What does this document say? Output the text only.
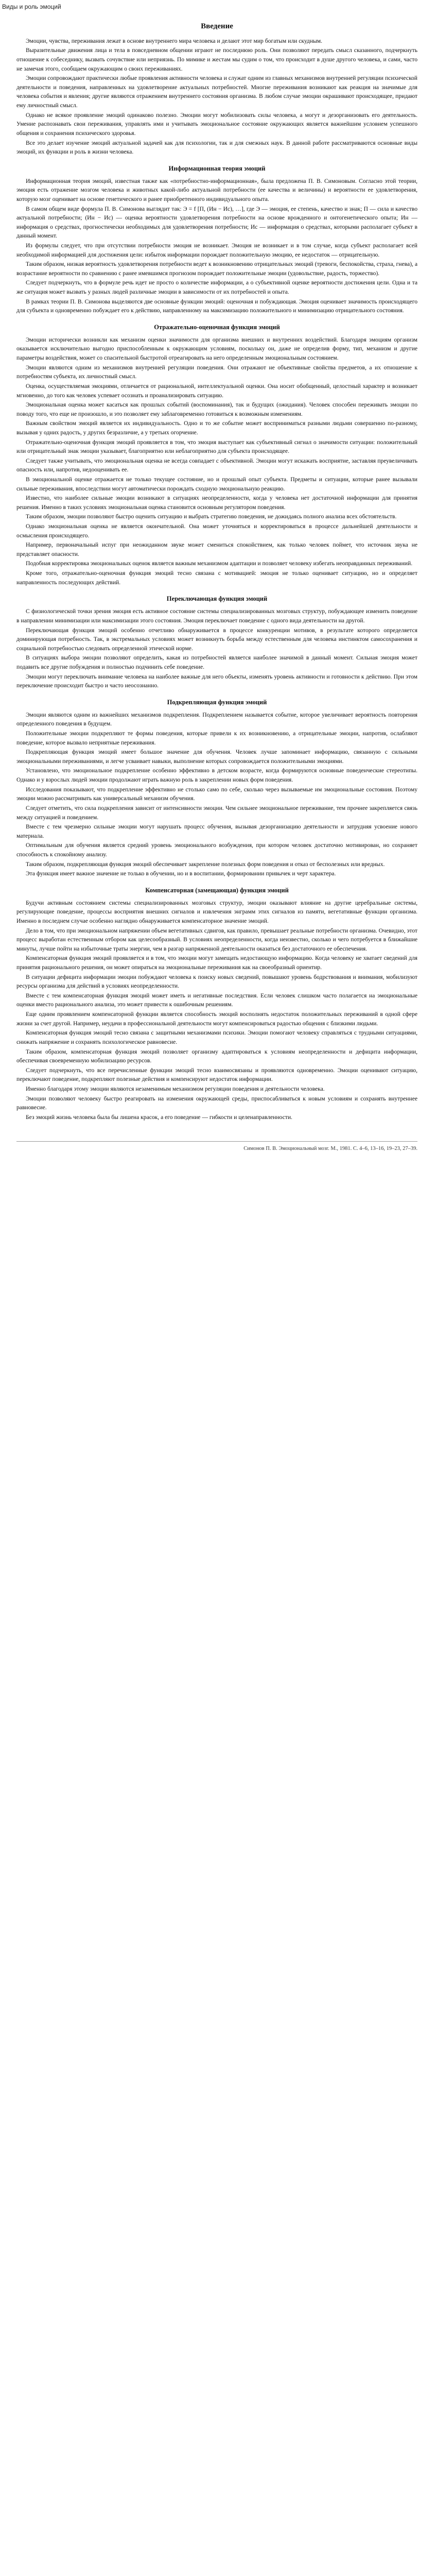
Виды и роль эмоций
Введение

Эмоции, чувства, переживания лежат в основе внутреннего мира человека и делают этот мир богатым или скудным.

Выразительные движения лица и тела в повседневном общении играют не последнюю роль. Они позволяют передать смысл сказанного, подчеркнуть отношение к собеседнику, вызвать сочувствие или неприязнь. По мимике и жестам мы судим о том, что происходит в душе другого человека, и сами, часто не замечая этого, сообщаем окружающим о своих переживаниях.

Эмоции сопровождают практически любые проявления активности человека и служат одним из главных механизмов внутренней регуляции психической деятельности и поведения, направленных на удовлетворение актуальных потребностей. Многие переживания возникают как реакция на значимые для человека события и явления; другие являются отражением внутреннего состояния организма. В любом случае эмоции окрашивают происходящее, придают ему личностный смысл.

Однако не всякое проявление эмоций одинаково полезно. Эмоции могут мобилизовать силы человека, а могут и дезорганизовать его деятельность. Умение распознавать свои переживания, управлять ими и учитывать эмоциональное состояние окружающих является важнейшим условием успешного общения и сохранения психического здоровья.

Все это делает изучение эмоций актуальной задачей как для психологии, так и для смежных наук. В данной работе рассматриваются основные виды эмоций, их функции и роль в жизни человека.

Информационная теория эмоций

Информационная теория эмоций, известная также как «потребностно-информационная», была предложена П. В. Симоновым. Согласно этой теории, эмоция есть отражение мозгом человека и животных какой-либо актуальной потребности (ее качества и величины) и вероятности ее удовлетворения, которую мозг оценивает на основе генетического и ранее приобретенного индивидуального опыта.

В самом общем виде формула П. В. Симонова выглядит так: Э = f [П, (Ин − Ис), …], где Э — эмоция, ее степень, качество и знак; П — сила и качество актуальной потребности; (Ин − Ис) — оценка вероятности удовлетворения потребности на основе врожденного и онтогенетического опыта; Ин — информация о средствах, прогностически необходимых для удовлетворения потребности; Ис — информация о средствах, которыми располагает субъект в данный момент.

Из формулы следует, что при отсутствии потребности эмоция не возникает. Эмоция не возникает и в том случае, когда субъект располагает всей необходимой информацией для достижения цели: избыток информации порождает положительную эмоцию, ее недостаток — отрицательную.

Таким образом, низкая вероятность удовлетворения потребности ведет к возникновению отрицательных эмоций (тревоги, беспокойства, страха, гнева), а возрастание вероятности по сравнению с ранее имевшимся прогнозом порождает положительные эмоции (удовольствие, радость, торжество).

Следует подчеркнуть, что в формуле речь идет не просто о количестве информации, а о субъективной оценке вероятности достижения цели. Одна и та же ситуация может вызвать у разных людей различные эмоции в зависимости от их потребностей и опыта.

В рамках теории П. В. Симонова выделяются две основные функции эмоций: оценочная и побуждающая. Эмоция оценивает значимость происходящего для субъекта и одновременно побуждает его к действию, направленному на максимизацию положительного и минимизацию отрицательного состояния.

Отражательно-оценочная функция эмоций

Эмоции исторически возникли как механизм оценки значимости для организма внешних и внутренних воздействий. Благодаря эмоциям организм оказывается исключительно выгодно приспособленным к окружающим условиям, поскольку он, даже не определив форму, тип, механизм и другие параметры воздействия, может со спасительной быстротой отреагировать на него определенным эмоциональным состоянием.

Эмоции являются одним из механизмов внутренней регуляции поведения. Они отражают не объективные свойства предметов, а их отношение к потребностям субъекта, их личностный смысл.

Оценка, осуществляемая эмоциями, отличается от рациональной, интеллектуальной оценки. Она носит обобщенный, целостный характер и возникает мгновенно, до того как человек успевает осознать и проанализировать ситуацию.

Эмоциональная оценка может касаться как прошлых событий (воспоминания), так и будущих (ожидания). Человек способен переживать эмоции по поводу того, что еще не произошло, и это позволяет ему заблаговременно готовиться к возможным изменениям.

Важным свойством эмоций является их индивидуальность. Одно и то же событие может восприниматься разными людьми совершенно по-разному, вызывая у одних радость, у других безразличие, а у третьих огорчение.

Отражательно-оценочная функция эмоций проявляется в том, что эмоция выступает как субъективный сигнал о значимости ситуации: положительный или отрицательный знак эмоции указывает, благоприятно или неблагоприятно для субъекта происходящее.

Следует также учитывать, что эмоциональная оценка не всегда совпадает с объективной. Эмоции могут искажать восприятие, заставляя преувеличивать опасность или, напротив, недооценивать ее.

В эмоциональной оценке отражается не только текущее состояние, но и прошлый опыт субъекта. Предметы и ситуации, которые ранее вызывали сильные переживания, впоследствии могут автоматически порождать сходную эмоциональную реакцию.

Известно, что наиболее сильные эмоции возникают в ситуациях неопределенности, когда у человека нет достаточной информации для принятия решения. Именно в таких условиях эмоциональная оценка становится основным регулятором поведения.

Таким образом, эмоции позволяют быстро оценить ситуацию и выбрать стратегию поведения, не дожидаясь полного анализа всех обстоятельств.

Однако эмоциональная оценка не является окончательной. Она может уточняться и корректироваться в процессе дальнейшей деятельности и осмысления происходящего.

Например, первоначальный испуг при неожиданном звуке может смениться спокойствием, как только человек поймет, что источник звука не представляет опасности.

Подобная корректировка эмоциональных оценок является важным механизмом адаптации и позволяет человеку избегать неоправданных переживаний.

Кроме того, отражательно-оценочная функция эмоций тесно связана с мотивацией: эмоция не только оценивает ситуацию, но и определяет направленность последующих действий.

Переключающая функция эмоций

С физиологической точки зрения эмоция есть активное состояние системы специализированных мозговых структур, побуждающее изменить поведение в направлении минимизации или максимизации этого состояния. Эмоция переключает поведение с одного вида деятельности на другой.

Переключающая функция эмоций особенно отчетливо обнаруживается в процессе конкуренции мотивов, в результате которого определяется доминирующая потребность. Так, в экстремальных условиях может возникнуть борьба между естественным для человека инстинктом самосохранения и социальной потребностью следовать определенной этической норме.

В ситуациях выбора эмоции позволяют определить, какая из потребностей является наиболее значимой в данный момент. Сильная эмоция может подавить все другие побуждения и полностью подчинить себе поведение.

Эмоции могут переключать внимание человека на наиболее важные для него объекты, изменять уровень активности и готовности к действию. При этом переключение происходит быстро и часто неосознанно.

Подкрепляющая функция эмоций

Эмоции являются одним из важнейших механизмов подкрепления. Подкреплением называется событие, которое увеличивает вероятность повторения определенного поведения в будущем.

Положительные эмоции подкрепляют те формы поведения, которые привели к их возникновению, а отрицательные эмоции, напротив, ослабляют поведение, которое вызвало неприятные переживания.

Подкрепляющая функция эмоций имеет большое значение для обучения. Человек лучше запоминает информацию, связанную с сильными эмоциональными переживаниями, и легче усваивает навыки, выполнение которых сопровождается положительными эмоциями.

Установлено, что эмоциональное подкрепление особенно эффективно в детском возрасте, когда формируются основные поведенческие стереотипы. Однако и у взрослых людей эмоции продолжают играть важную роль в закреплении новых форм поведения.

Исследования показывают, что подкрепление эффективно не столько само по себе, сколько через вызываемые им эмоциональные состояния. Поэтому эмоции можно рассматривать как универсальный механизм обучения.

Следует отметить, что сила подкрепления зависит от интенсивности эмоции. Чем сильнее эмоциональное переживание, тем прочнее закрепляется связь между ситуацией и поведением.

Вместе с тем чрезмерно сильные эмоции могут нарушать процесс обучения, вызывая дезорганизацию деятельности и затрудняя усвоение нового материала.

Оптимальным для обучения является средний уровень эмоционального возбуждения, при котором человек достаточно мотивирован, но сохраняет способность к спокойному анализу.

Таким образом, подкрепляющая функция эмоций обеспечивает закрепление полезных форм поведения и отказ от бесполезных или вредных.

Эта функция имеет важное значение не только в обучении, но и в воспитании, формировании привычек и черт характера.

Компенсаторная (замещающая) функция эмоций

Будучи активным состоянием системы специализированных мозговых структур, эмоции оказывают влияние на другие церебральные системы, регулирующие поведение, процессы восприятия внешних сигналов и извлечения энграмм этих сигналов из памяти, вегетативные функции организма. Именно в последнем случае особенно наглядно обнаруживается компенсаторное значение эмоций.

Дело в том, что при эмоциональном напряжении объем вегетативных сдвигов, как правило, превышает реальные потребности организма. Очевидно, этот процесс выработан естественным отбором как целесообразный. В условиях неопределенности, когда неизвестно, сколько и чего потребуется в ближайшие минуты, лучше пойти на избыточные траты энергии, чем в разгар напряженной деятельности оказаться без достаточного ее обеспечения.

Компенсаторная функция эмоций проявляется и в том, что эмоции могут замещать недостающую информацию. Когда человеку не хватает сведений для принятия рационального решения, он может опираться на эмоциональные переживания как на своеобразный ориентир.

В ситуации дефицита информации эмоции побуждают человека к поиску новых сведений, повышают уровень бодрствования и внимания, мобилизуют ресурсы организма для действий в условиях неопределенности.

Вместе с тем компенсаторная функция эмоций может иметь и негативные последствия. Если человек слишком часто полагается на эмоциональные оценки вместо рационального анализа, это может привести к ошибочным решениям.

Еще одним проявлением компенсаторной функции является способность эмоций восполнять недостаток положительных переживаний в одной сфере жизни за счет другой. Например, неудачи в профессиональной деятельности могут компенсироваться радостью общения с близкими людьми.

Компенсаторная функция эмоций тесно связана с защитными механизмами психики. Эмоции помогают человеку справляться с трудными ситуациями, снижать напряжение и сохранять психологическое равновесие.

Таким образом, компенсаторная функция эмоций позволяет организму адаптироваться к условиям неопределенности и дефицита информации, обеспечивая своевременную мобилизацию ресурсов.

Следует подчеркнуть, что все перечисленные функции эмоций тесно взаимосвязаны и проявляются одновременно. Эмоции оценивают ситуацию, переключают поведение, подкрепляют полезные действия и компенсируют недостаток информации.

Именно благодаря этому эмоции являются незаменимым механизмом регуляции поведения и деятельности человека.

Эмоции позволяют человеку быстро реагировать на изменения окружающей среды, приспосабливаться к новым условиям и сохранять внутреннее равновесие.

Без эмоций жизнь человека была бы лишена красок, а его поведение — гибкости и целенаправленности.

Симонов П. В. Эмоциональный мозг. М., 1981. С. 4–6, 13–16, 19–23, 27–39.
